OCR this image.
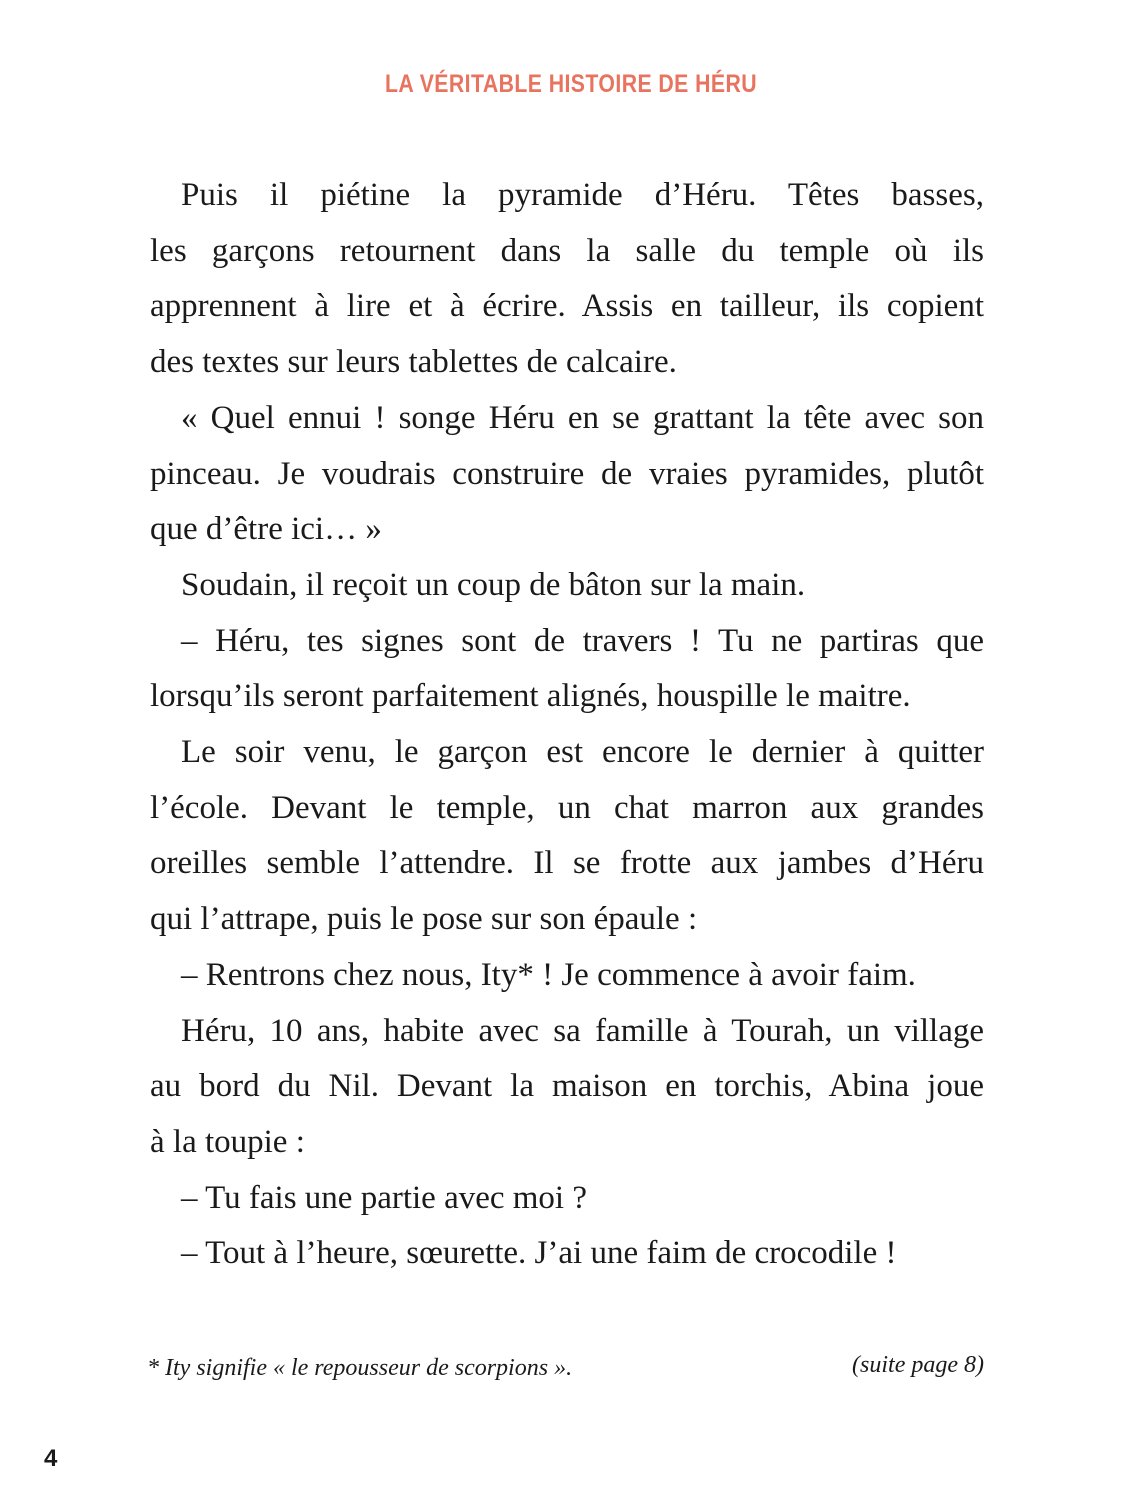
LA VÉRITABLE HISTOIRE DE HÉRU
Puis il piétine la pyramide d’Héru. Têtes basses,
les garçons retournent dans la salle du temple où ils
apprennent à lire et à écrire. Assis en tailleur, ils copient
des textes sur leurs tablettes de calcaire.
« Quel ennui ! songe Héru en se grattant la tête avec son
pinceau. Je voudrais construire de vraies pyramides, plutôt
que d’être ici… »
Soudain, il reçoit un coup de bâton sur la main.
– Héru, tes signes sont de travers ! Tu ne partiras que
lorsqu’ils seront parfaitement alignés, houspille le maitre.
Le soir venu, le garçon est encore le dernier à quitter
l’école. Devant le temple, un chat marron aux grandes
oreilles semble l’attendre. Il se frotte aux jambes d’Héru
qui l’attrape, puis le pose sur son épaule :
– Rentrons chez nous, Ity* ! Je commence à avoir faim.
Héru, 10 ans, habite avec sa famille à Tourah, un village
au bord du Nil. Devant la maison en torchis, Abina joue
à la toupie :
– Tu fais une partie avec moi ?
– Tout à l’heure, sœurette. J’ai une faim de crocodile !
* Ity signifie « le repousseur de scorpions ».	(suite page 8)
4
